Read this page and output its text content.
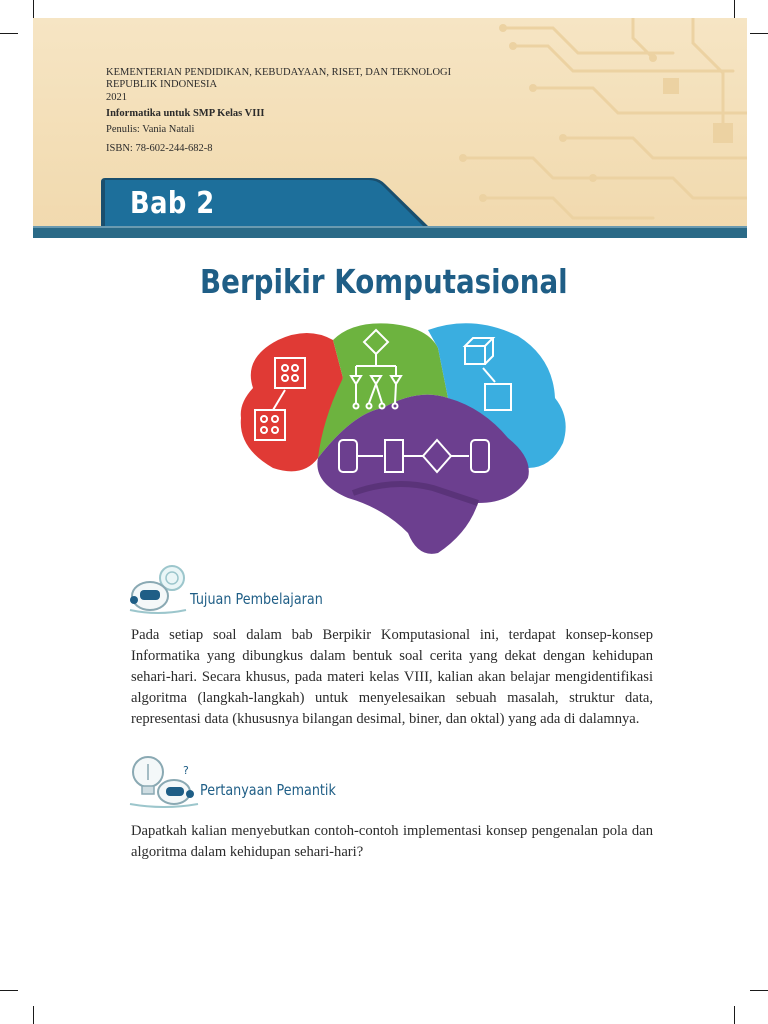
KEMENTERIAN PENDIDIKAN, KEBUDAYAAN, RISET, DAN TEKNOLOGI
REPUBLIK INDONESIA
2021
Informatika untuk SMP Kelas VIII
Penulis: Vania Natali
ISBN: 78-602-244-682-8
Bab 2
Berpikir Komputasional
Tujuan Pembelajaran
Pada setiap soal dalam bab Berpikir Komputasional ini, terdapat konsep-konsep Informatika yang dibungkus dalam bentuk soal cerita yang dekat dengan kehidupan sehari-hari. Secara khusus, pada materi kelas VIII, kalian akan belajar mengidentifikasi algoritma (langkah-langkah) untuk menyelesaikan sebuah masalah, struktur data, representasi data (khususnya bilangan desimal, biner, dan oktal) yang ada di dalamnya.
?
Pertanyaan Pemantik
Dapatkah kalian menyebutkan contoh-contoh implementasi konsep pengenalan pola dan algoritma dalam kehidupan sehari-hari?
